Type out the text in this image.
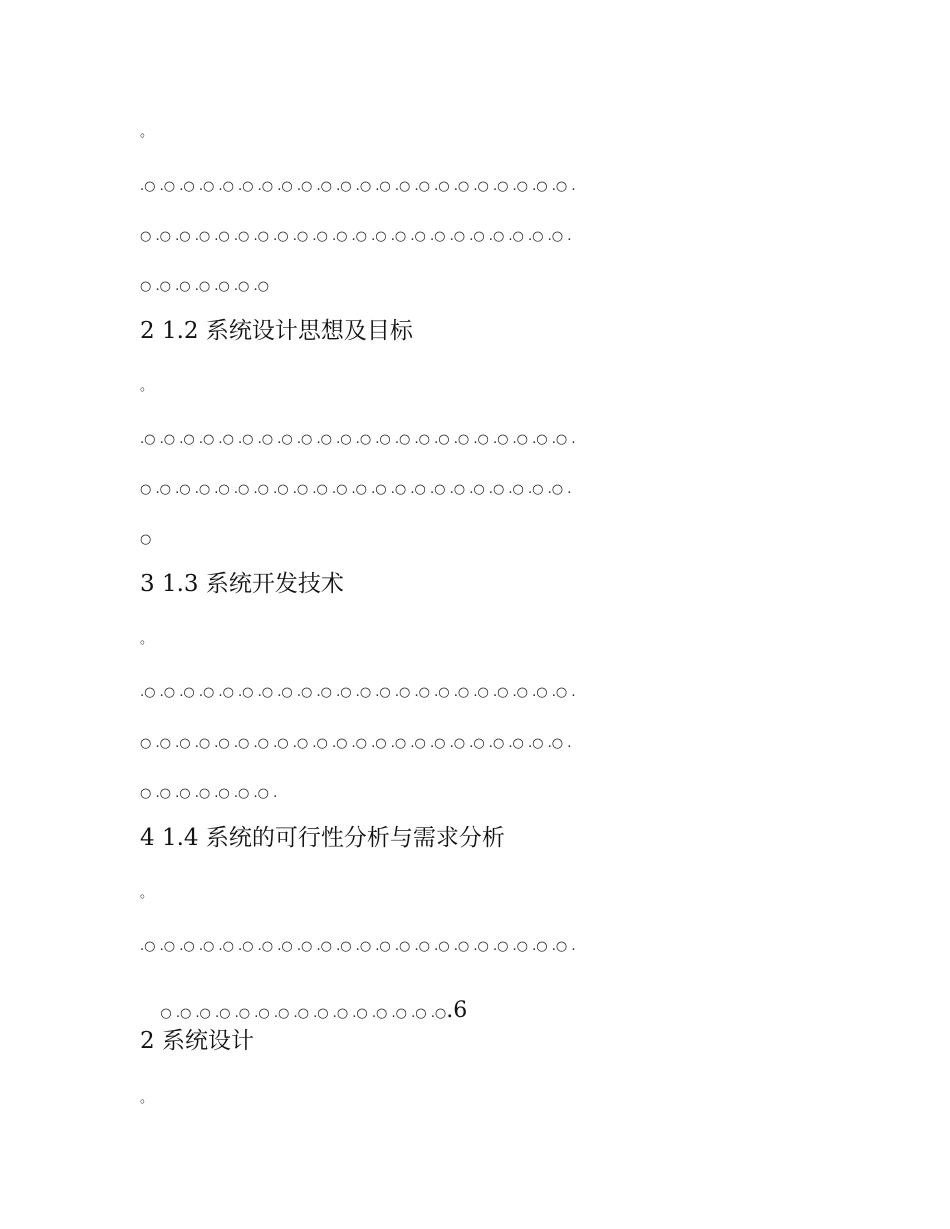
。
.○ .○ .○ .○ .○ .○ .○ .○ .○ .○ .○ .○ .○ .○ .○ .○ .○ .○ .○ .○ .○ .○ .
○ .○ .○ .○ .○ .○ .○ .○ .○ .○ .○ .○ .○ .○ .○ .○ .○ .○ .○ .○ .○ .○ .
○ .○ .○ .○ .○ .○ .○
2 1.2 系统设计思想及目标
。
.○ .○ .○ .○ .○ .○ .○ .○ .○ .○ .○ .○ .○ .○ .○ .○ .○ .○ .○ .○ .○ .○ .
○ .○ .○ .○ .○ .○ .○ .○ .○ .○ .○ .○ .○ .○ .○ .○ .○ .○ .○ .○ .○ .○ .
○
3 1.3 系统开发技术
。
.○ .○ .○ .○ .○ .○ .○ .○ .○ .○ .○ .○ .○ .○ .○ .○ .○ .○ .○ .○ .○ .○ .
○ .○ .○ .○ .○ .○ .○ .○ .○ .○ .○ .○ .○ .○ .○ .○ .○ .○ .○ .○ .○ .○ .
○ .○ .○ .○ .○ .○ .○ .
4 1.4 系统的可行性分析与需求分析
。
.○ .○ .○ .○ .○ .○ .○ .○ .○ .○ .○ .○ .○ .○ .○ .○ .○ .○ .○ .○ .○ .○ .

○ .○ .○ .○ .○ .○ .○ .○ .○ .○ .○ .○ .○ .○ .○.6

2 系统设计
。
